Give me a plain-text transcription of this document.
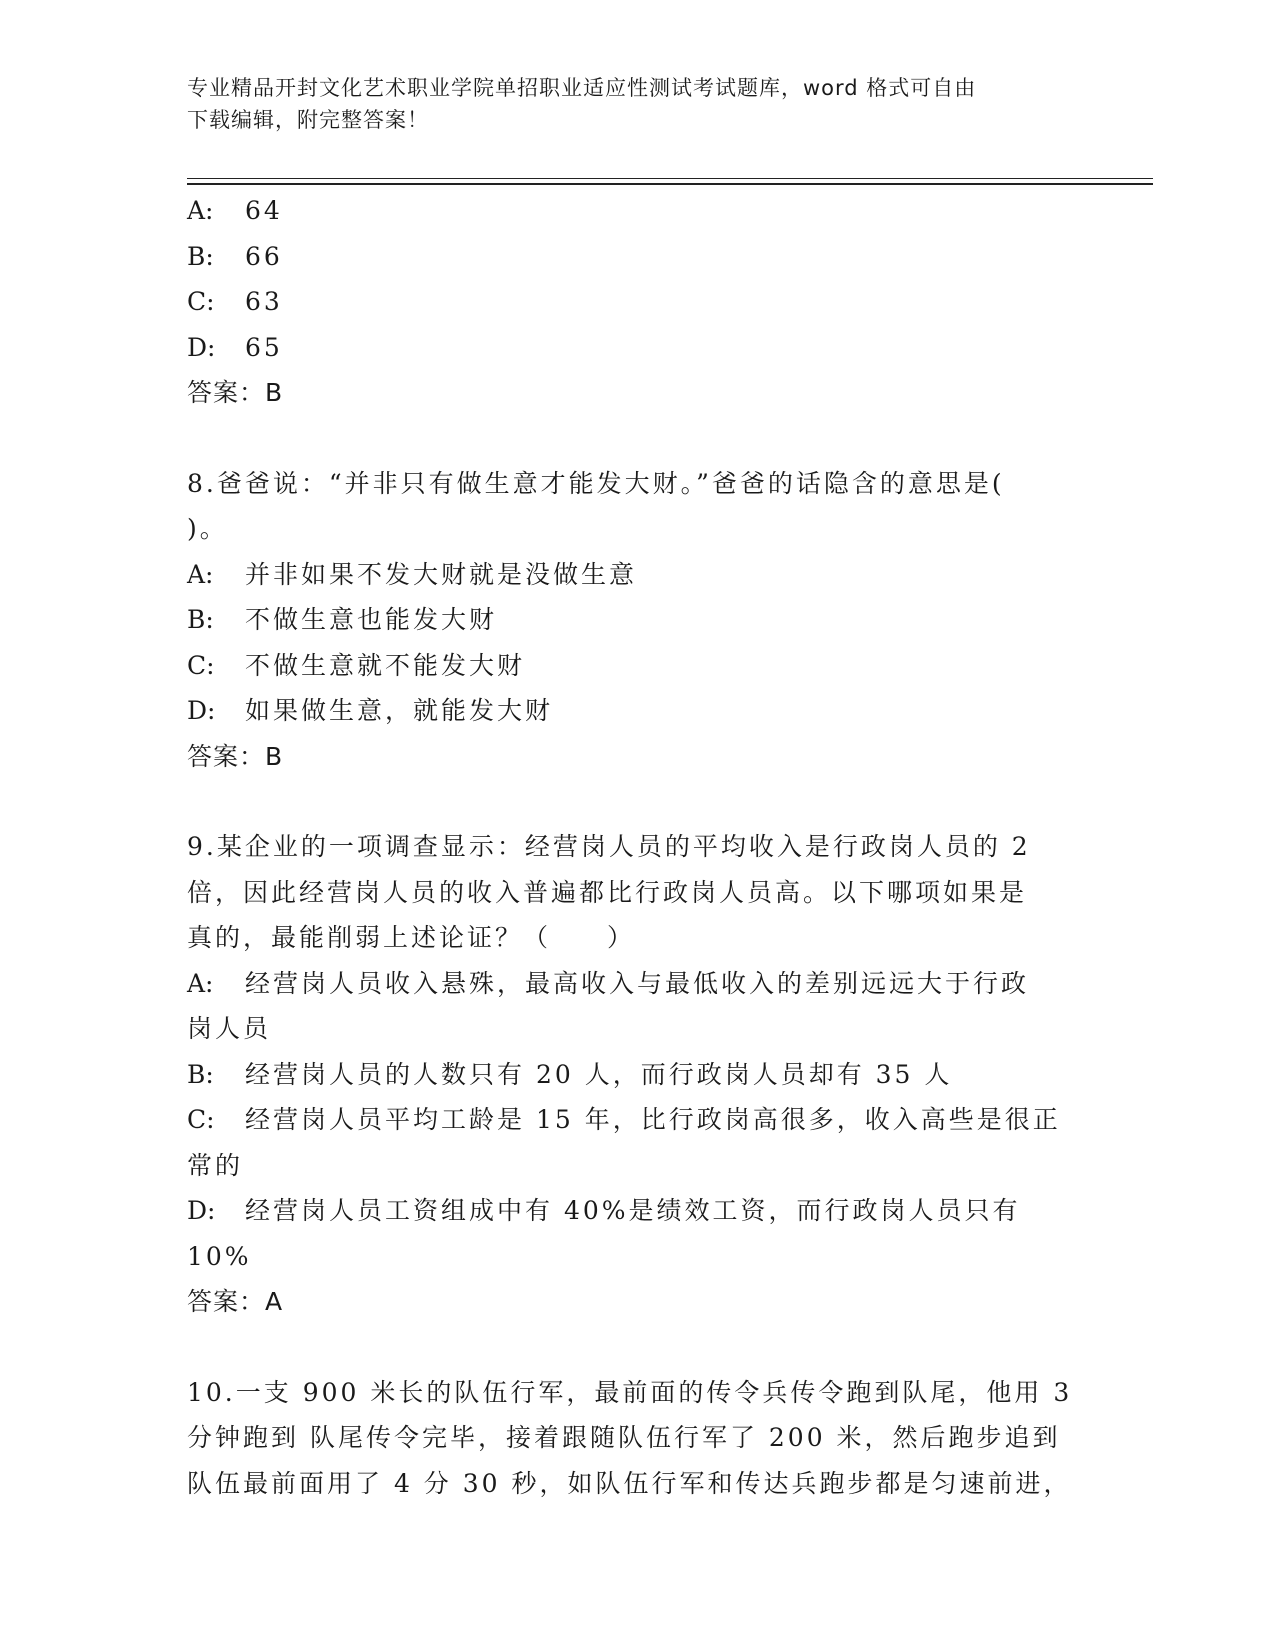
专业精品开封文化艺术职业学院单招职业适应性测试考试题库，word 格式可自由
下载编辑，附完整答案！
A: 64
B: 66
C: 63
D: 65
答案：B
8.爸爸说：“并非只有做生意才能发大财。”爸爸的话隐含的意思是(
)。
A: 并非如果不发大财就是没做生意
B: 不做生意也能发大财
C: 不做生意就不能发大财
D: 如果做生意，就能发大财
答案：B
9.某企业的一项调查显示：经营岗人员的平均收入是行政岗人员的 2
倍，因此经营岗人员的收入普遍都比行政岗人员高。以下哪项如果是
真的，最能削弱上述论证？（　　）
A: 经营岗人员收入悬殊，最高收入与最低收入的差别远远大于行政
岗人员
B: 经营岗人员的人数只有 20 人，而行政岗人员却有 35 人
C: 经营岗人员平均工龄是 15 年，比行政岗高很多，收入高些是很正
常的
D: 经营岗人员工资组成中有 40%是绩效工资，而行政岗人员只有 10%
答案：A
10.一支 900 米长的队伍行军，最前面的传令兵传令跑到队尾，他用 3
分钟跑到 队尾传令完毕，接着跟随队伍行军了 200 米，然后跑步追到
队伍最前面用了 4 分 30 秒，如队伍行军和传达兵跑步都是匀速前进，
